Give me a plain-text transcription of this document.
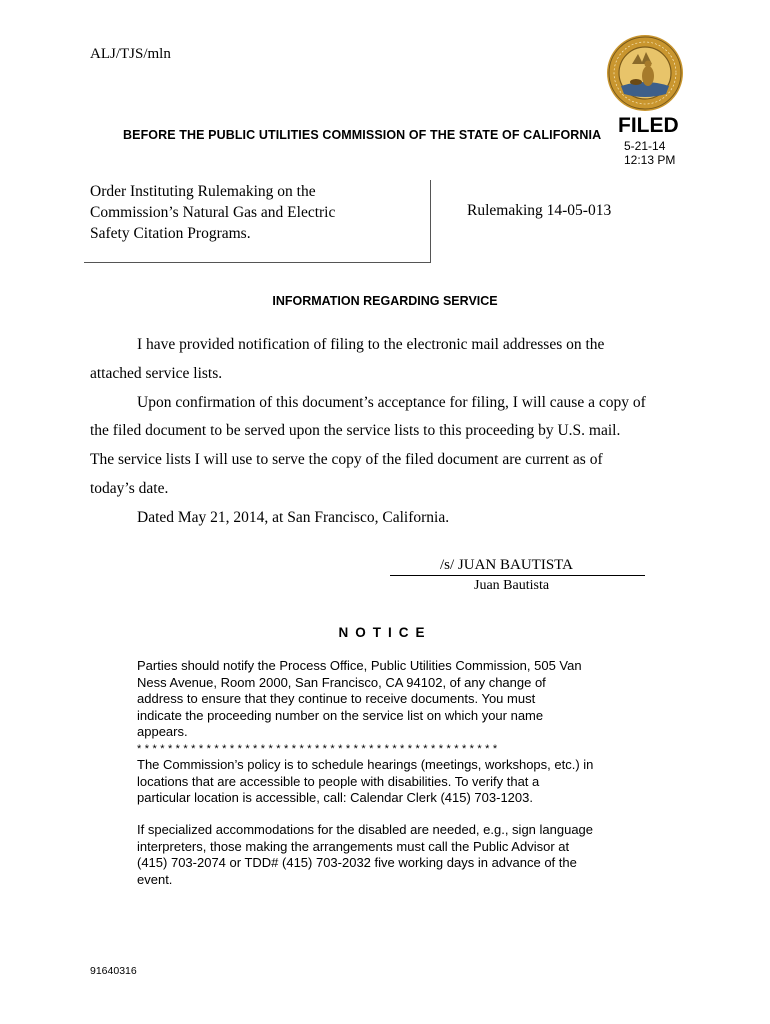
ALJ/TJS/mln
BEFORE THE PUBLIC UTILITIES COMMISSION OF THE STATE OF CALIFORNIA FILED
5-21-14
12:13 PM
Order Instituting Rulemaking on the
Commission’s Natural Gas and Electric
Safety Citation Programs.
Rulemaking 14-05-013
INFORMATION REGARDING SERVICE
I have provided notification of filing to the electronic mail addresses on the
attached service lists.
Upon confirmation of this document’s acceptance for filing, I will cause a copy of
the filed document to be served upon the service lists to this proceeding by U.S. mail.
The service lists I will use to serve the copy of the filed document are current as of
today’s date.
Dated May 21, 2014, at San Francisco, California.
/s/ JUAN BAUTISTA
Juan Bautista
NOTICE
Parties should notify the Process Office, Public Utilities Commission, 505 Van
Ness Avenue, Room 2000, San Francisco, CA 94102, of any change of
address to ensure that they continue to receive documents. You must
indicate the proceeding number on the service list on which your name
appears.
* * * * * * * * * * * * * * * * * * * * * * * * * * * * * * * * * * * * * * * * * * * * * * *
The Commission’s policy is to schedule hearings (meetings, workshops, etc.) in
locations that are accessible to people with disabilities. To verify that a
particular location is accessible, call: Calendar Clerk (415) 703-1203.
If specialized accommodations for the disabled are needed, e.g., sign language
interpreters, those making the arrangements must call the Public Advisor at
(415) 703-2074 or TDD# (415) 703-2032 five working days in advance of the
event.
91640316
